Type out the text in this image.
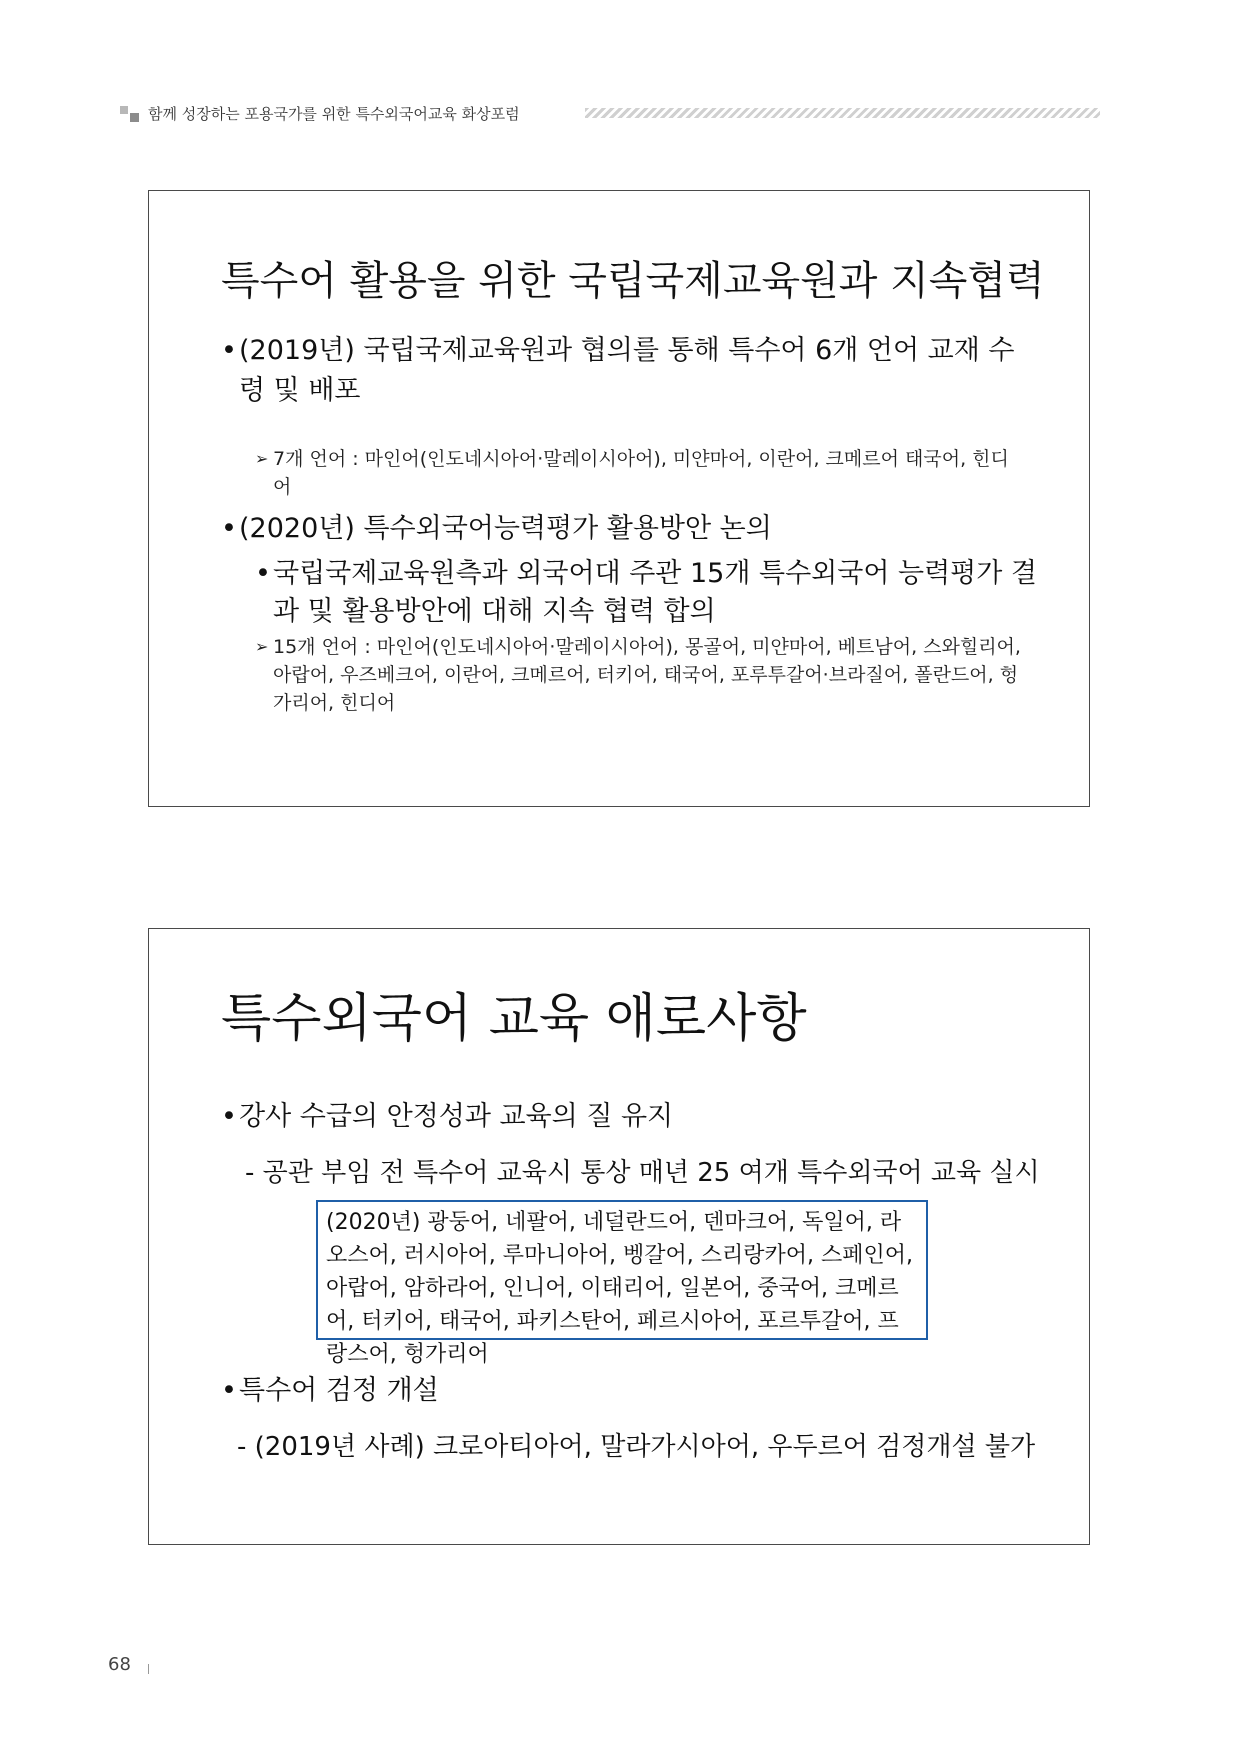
함께 성장하는 포용국가를 위한 특수외국어교육 화상포럼
특수어 활용을 위한 국립국제교육원과 지속협력
• (2019년) 국립국제교육원과 협의를 통해 특수어 6개 언어 교재 수령 및 배포
➢ 7개 언어 : 마인어(인도네시아어·말레이시아어), 미얀마어, 이란어, 크메르어 태국어, 힌디어
• (2020년) 특수외국어능력평가 활용방안 논의
• 국립국제교육원측과 외국어대 주관 15개 특수외국어 능력평가 결과 및 활용방안에 대해 지속 협력 합의
➢ 15개 언어 : 마인어(인도네시아어·말레이시아어), 몽골어, 미얀마어, 베트남어, 스와힐리어, 아랍어, 우즈베크어, 이란어, 크메르어, 터키어, 태국어, 포루투갈어·브라질어, 폴란드어, 헝가리어, 힌디어
특수외국어 교육 애로사항
• 강사 수급의 안정성과 교육의 질 유지
- 공관 부임 전 특수어 교육시 통상 매년 25 여개 특수외국어 교육 실시
(2020년) 광둥어, 네팔어, 네덜란드어, 덴마크어, 독일어, 라오스어, 러시아어, 루마니아어, 벵갈어, 스리랑카어, 스페인어, 아랍어, 암하라어, 인니어, 이태리어, 일본어, 중국어, 크메르어, 터키어, 태국어, 파키스탄어, 페르시아어, 포르투갈어, 프랑스어, 헝가리어
• 특수어 검정 개설
- (2019년 사례) 크로아티아어, 말라가시아어, 우두르어 검정개설 불가
68
